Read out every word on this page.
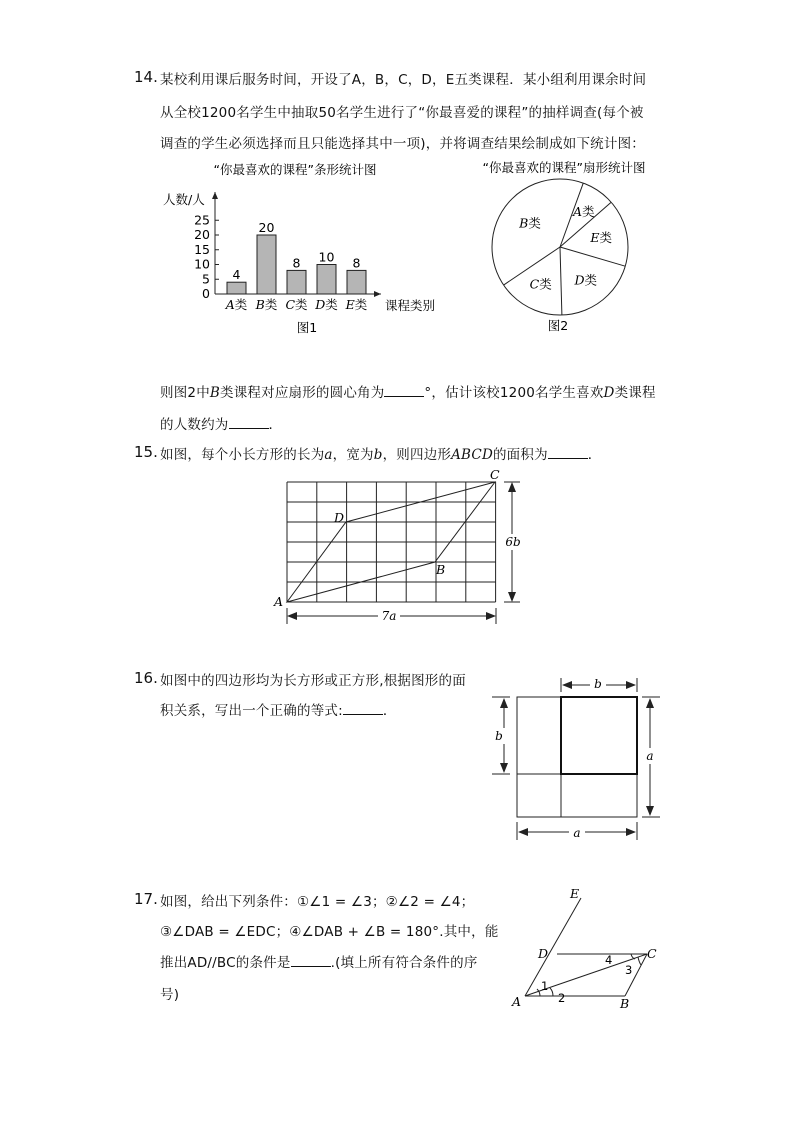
14. 某校利用课后服务时间，开设了A，B，C，D，E五类课程．某小组利用课余时间
从全校1200名学生中抽取50名学生进行了“你最喜爱的课程”的抽样调查(每个被
调查的学生必须选择而且只能选择其中一项)，并将调查结果绘制成如下统计图：
“你最喜欢的课程”条形统计图
人数/人
0
5
10
15
20
25
4
20
8 10 8
A类 B类 C类 D类 E类 课程类别
图1
“你最喜欢的课程”扇形统计图
A类
E类
D类
C类
B类
图2
则图2中B类课程对应扇形的圆心角为	°，估计该校1200名学生喜欢D类课程
的人数约为	．
15. 如图，每个小长方形的长为a，宽为b，则四边形ABCD的面积为	．
A
B
C
D
6b
7a
16. 如图中的四边形均为长方形或正方形,根据图形的面
积关系，写出一个正确的等式:	．
b
b
a
a
17. 如图，给出下列条件：①∠1 = ∠3；②∠2 = ∠4；
③∠DAB = ∠EDC；④∠DAB + ∠B = 180°.其中，能
推出AD//BC的条件是	.(填上所有符合条件的序
号)
E
D	C
A	B
1
2
3
4
